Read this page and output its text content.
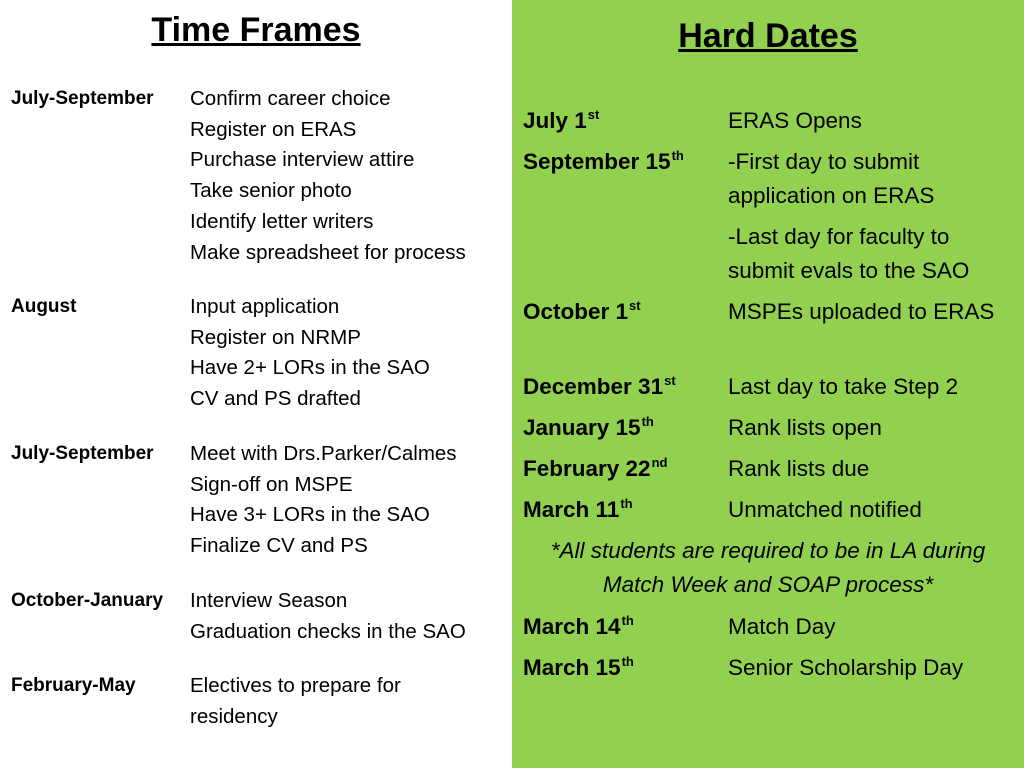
Time Frames
July-September Confirm career choice
Register on ERAS
Purchase interview attire
Take senior photo
Identify letter writers
Make spreadsheet for process
August	Input application
Register on NRMP
Have 2+ LORs in the SAO
CV and PS drafted
July-September Meet with Drs.Parker/Calmes
Sign-off on MSPE
Have 3+ LORs in the SAO
Finalize CV and PS
October-January Interview Season
Graduation checks in the SAO
February-May	Electives to prepare for
residency
Hard Dates
July 1st	ERAS Opens
September 15th -First day to submit application on ERAS
-Last day for faculty to submit evals to the SAO
October 1st	MSPEs uploaded to ERAS
December 31st Last day to take Step 2
January 15th	Rank lists open
February 22nd	Rank lists due
March 11th	Unmatched notified
*All students are required to be in LA during Match Week and SOAP process*
March 14th	Match Day
March 15th	Senior Scholarship Day
